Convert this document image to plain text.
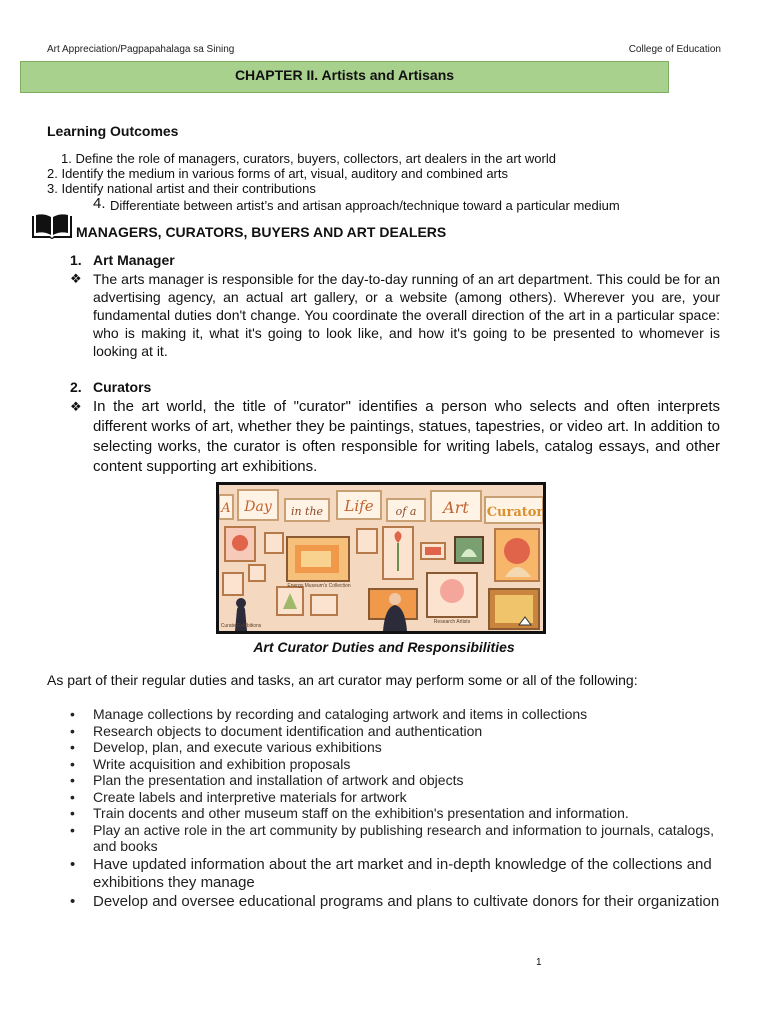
Art Appreciation/Pagpapahalaga sa Sining	College of Education
CHAPTER II. Artists and Artisans
Learning Outcomes
1. Define the role of managers, curators, buyers, collectors, art dealers in the art world
2. Identify the medium in various forms of art, visual, auditory and combined arts
3. Identify national artist and their contributions
4. Differentiate between artist’s and artisan approach/technique toward a particular medium
MANAGERS, CURATORS, BUYERS AND ART DEALERS
1. Art Manager
❖ The arts manager is responsible for the day-to-day running of an art department. This could be for an advertising agency, an actual art gallery, or a website (among others). Wherever you are, your fundamental duties don't change. You coordinate the overall direction of the art in a particular space: who is making it, what it's going to look like, and how it's going to be presented to whomever is looking at it.
2. Curators
❖ In the art world, the title of "curator" identifies a person who selects and often interprets different works of art, whether they be paintings, statues, tapestries, or video art. In addition to selecting works, the curator is often responsible for writing labels, catalog essays, and other content supporting art exhibitions.
A Day in the Life of a Art Curator
Energy Museum's Collection
Research Artists
Curate Exhibitions
Art Curator Duties and Responsibilities
As part of their regular duties and tasks, an art curator may perform some or all of the following:
• Manage collections by recording and cataloging artwork and items in collections
• Research objects to document identification and authentication
• Develop, plan, and execute various exhibitions
• Write acquisition and exhibition proposals
• Plan the presentation and installation of artwork and objects
• Create labels and interpretive materials for artwork
• Train docents and other museum staff on the exhibition's presentation and information.
• Play an active role in the art community by publishing research and information to journals, catalogs, and books
• Have updated information about the art market and in-depth knowledge of the collections and exhibitions they manage
• Develop and oversee educational programs and plans to cultivate donors for their organization
1
